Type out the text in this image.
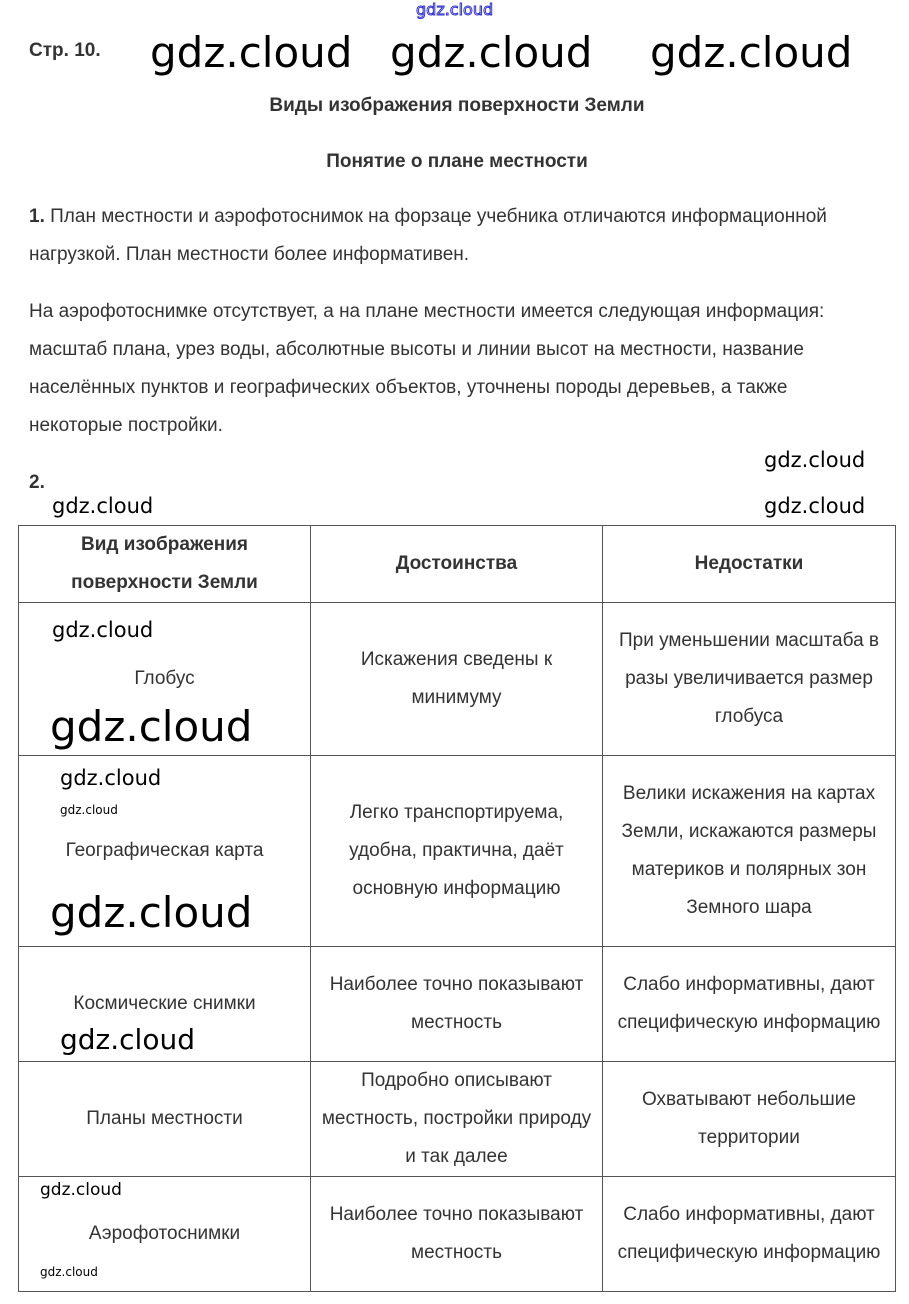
gdz.cloud
Стр. 10.
Виды изображения поверхности Земли
Понятие о плане местности
1. План местности и аэрофотоснимок на форзаце учебника отличаются информационной нагрузкой. План местности более информативен.
На аэрофотоснимке отсутствует, а на плане местности имеется следующая информация: масштаб плана, урез воды, абсолютные высоты и линии высот на местности, название населённых пунктов и географических объектов, уточнены породы деревьев, а также некоторые постройки.
2.
Вид изображения поверхности Земли	Достоинства	Недостатки
Глобус	Искажения сведены к минимуму	При уменьшении масштаба в разы увеличивается размер глобуса
Географическая карта	Легко транспортируема, удобна, практична, даёт основную информацию	Велики искажения на картах Земли, искажаются размеры материков и полярных зон Земного шара
Космические снимки	Наиболее точно показывают местность	Слабо информативны, дают специфическую информацию
Планы местности	Подробно описывают местность, постройки природу и так далее	Охватывают небольшие территории
Аэрофотоснимки	Наиболее точно показывают местность	Слабо информативны, дают специфическую информацию
gdz.cloud gdz.cloud gdz.cloud
gdz.cloud
gdz.cloud	gdz.cloud
gdz.cloud
gdz.cloud
gdz.cloud
gdz.cloud
gdz.cloud
gdz.cloud
gdz.cloud
gdz.cloud
